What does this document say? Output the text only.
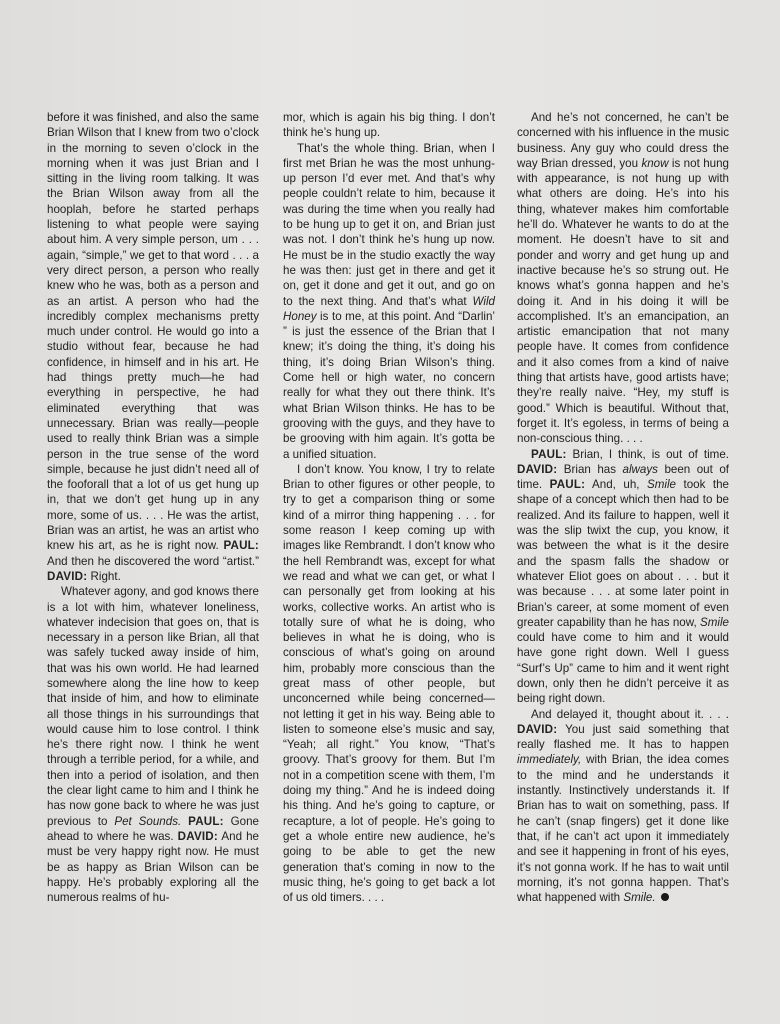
before it was finished, and also the same Brian Wilson that I knew from two o’clock in the morning to seven o’clock in the morning when it was just Brian and I sitting in the living room talking. It was the Brian Wilson away from all the hooplah, before he started perhaps listening to what people were saying about him. A very simple person, um . . . again, “simple,” we get to that word . . . a very direct person, a person who really knew who he was, both as a person and as an artist. A person who had the incredibly complex mechanisms pretty much under control. He would go into a studio without fear, because he had confidence, in himself and in his art. He had things pretty much—he had everything in perspective, he had eliminated everything that was unnecessary. Brian was really—people used to really think Brian was a simple person in the true sense of the word simple, because he just didn’t need all of the fooforall that a lot of us get hung up in, that we don’t get hung up in any more, some of us. . . . He was the artist, Brian was an artist, he was an artist who knew his art, as he is right now. PAUL: And then he discovered the word “artist.” DAVID: Right.

Whatever agony, and god knows there is a lot with him, whatever loneliness, whatever indecision that goes on, that is necessary in a person like Brian, all that was safely tucked away inside of him, that was his own world. He had learned somewhere along the line how to keep that inside of him, and how to eliminate all those things in his surroundings that would cause him to lose control. I think he’s there right now. I think he went through a terrible period, for a while, and then into a period of isolation, and then the clear light came to him and I think he has now gone back to where he was just previous to Pet Sounds. PAUL: Gone ahead to where he was. DAVID: And he must be very happy right now. He must be as happy as Brian Wilson can be happy. He’s probably exploring all the numerous realms of hu-

mor, which is again his big thing. I don’t think he’s hung up.

That’s the whole thing. Brian, when I first met Brian he was the most unhung-up person I’d ever met. And that’s why people couldn’t relate to him, because it was during the time when you really had to be hung up to get it on, and Brian just was not. I don’t think he’s hung up now. He must be in the studio exactly the way he was then: just get in there and get it on, get it done and get it out, and go on to the next thing. And that’s what Wild Honey is to me, at this point. And “Darlin’ ” is just the essence of the Brian that I knew; it’s doing the thing, it’s doing his thing, it’s doing Brian Wilson’s thing. Come hell or high water, no concern really for what they out there think. It’s what Brian Wilson thinks. He has to be grooving with the guys, and they have to be grooving with him again. It’s gotta be a unified situation.

I don’t know. You know, I try to relate Brian to other figures or other people, to try to get a comparison thing or some kind of a mirror thing happening . . . for some reason I keep coming up with images like Rembrandt. I don’t know who the hell Rembrandt was, except for what we read and what we can get, or what I can personally get from looking at his works, collective works. An artist who is totally sure of what he is doing, who believes in what he is doing, who is conscious of what’s going on around him, probably more conscious than the great mass of other people, but unconcerned while being concerned—not letting it get in his way. Being able to listen to someone else’s music and say, “Yeah; all right.” You know, “That’s groovy. That’s groovy for them. But I’m not in a competition scene with them, I’m doing my thing.” And he is indeed doing his thing. And he’s going to capture, or recapture, a lot of people. He’s going to get a whole entire new audience, he’s going to be able to get the new generation that’s coming in now to the music thing, he’s going to get back a lot of us old timers. . . .

And he’s not concerned, he can’t be concerned with his influence in the music business. Any guy who could dress the way Brian dressed, you know is not hung with appearance, is not hung up with what others are doing. He’s into his thing, whatever makes him comfortable he’ll do. Whatever he wants to do at the moment. He doesn’t have to sit and ponder and worry and get hung up and inactive because he’s so strung out. He knows what’s gonna happen and he’s doing it. And in his doing it will be accomplished. It’s an emancipation, an artistic emancipation that not many people have. It comes from confidence and it also comes from a kind of naive thing that artists have, good artists have; they’re really naive. “Hey, my stuff is good.” Which is beautiful. Without that, forget it. It’s egoless, in terms of being a non-conscious thing. . . .

PAUL: Brian, I think, is out of time. DAVID: Brian has always been out of time. PAUL: And, uh, Smile took the shape of a concept which then had to be realized. And its failure to happen, well it was the slip twixt the cup, you know, it was between the what is it the desire and the spasm falls the shadow or whatever Eliot goes on about . . . but it was because . . . at some later point in Brian’s career, at some moment of even greater capability than he has now, Smile could have come to him and it would have gone right down. Well I guess “Surf’s Up” came to him and it went right down, only then he didn’t perceive it as being right down.

And delayed it, thought about it. . . . DAVID: You just said something that really flashed me. It has to happen immediately, with Brian, the idea comes to the mind and he understands it instantly. Instinctively understands it. If Brian has to wait on something, pass. If he can’t (snap fingers) get it done like that, if he can’t act upon it immediately and see it happening in front of his eyes, it’s not gonna work. If he has to wait until morning, it’s not gonna happen. That’s what happened with Smile.
